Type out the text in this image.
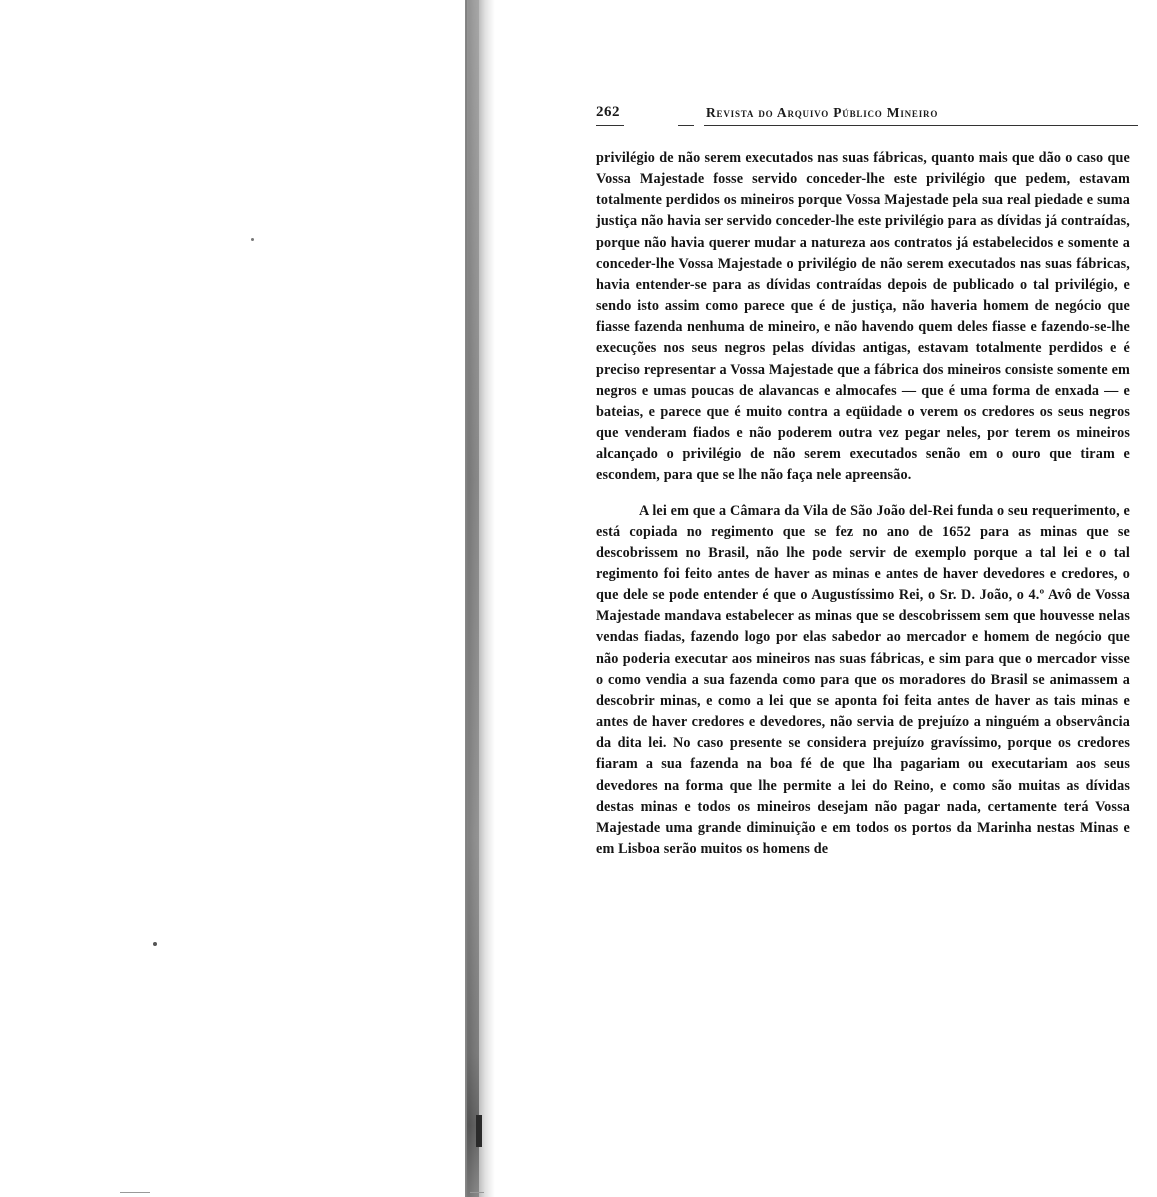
262	Revista do Arquivo Público Mineiro

privilégio de não serem executados nas suas fábricas, quanto mais que dão o caso que Vossa Majestade fosse servido conceder-lhe este privilégio que pedem, estavam totalmente perdidos os mineiros porque Vossa Majestade pela sua real piedade e suma justiça não havia ser servido conceder-lhe este privilégio para as dívidas já contraídas, porque não havia querer mudar a natureza aos contratos já estabelecidos e somente a conceder-lhe Vossa Majestade o privilégio de não serem executados nas suas fábricas, havia entender-se para as dívidas contraídas depois de publicado o tal privilégio, e sendo isto assim como parece que é de justiça, não haveria homem de negócio que fiasse fazenda nenhuma de mineiro, e não havendo quem deles fiasse e fazendo-se-lhe execuções nos seus negros pelas dívidas antigas, estavam totalmente perdidos e é preciso representar a Vossa Majestade que a fábrica dos mineiros consiste somente em negros e umas poucas de alavancas e almocafes — que é uma forma de enxada — e bateias, e parece que é muito contra a eqüidade o verem os credores os seus negros que venderam fiados e não poderem outra vez pegar neles, por terem os mineiros alcançado o privilégio de não serem executados senão em o ouro que tiram e escondem, para que se lhe não faça nele apreensão.

A lei em que a Câmara da Vila de São João del-Rei funda o seu requerimento, e está copiada no regimento que se fez no ano de 1652 para as minas que se descobrissem no Brasil, não lhe pode servir de exemplo porque a tal lei e o tal regimento foi feito antes de haver as minas e antes de haver devedores e credores, o que dele se pode entender é que o Augustíssimo Rei, o Sr. D. João, o 4.º Avô de Vossa Majestade mandava estabelecer as minas que se descobrissem sem que houvesse nelas vendas fiadas, fazendo logo por elas sabedor ao mercador e homem de negócio que não poderia executar aos mineiros nas suas fábricas, e sim para que o mercador visse o como vendia a sua fazenda como para que os moradores do Brasil se animassem a descobrir minas, e como a lei que se aponta foi feita antes de haver as tais minas e antes de haver credores e devedores, não servia de prejuízo a ninguém a observância da dita lei. No caso presente se considera prejuízo gravíssimo, porque os credores fiaram a sua fazenda na boa fé de que lha pagariam ou executariam aos seus devedores na forma que lhe permite a lei do Reino, e como são muitas as dívidas destas minas e todos os mineiros desejam não pagar nada, certamente terá Vossa Majestade uma grande diminuição e em todos os portos da Marinha nestas Minas e em Lisboa serão muitos os homens de
